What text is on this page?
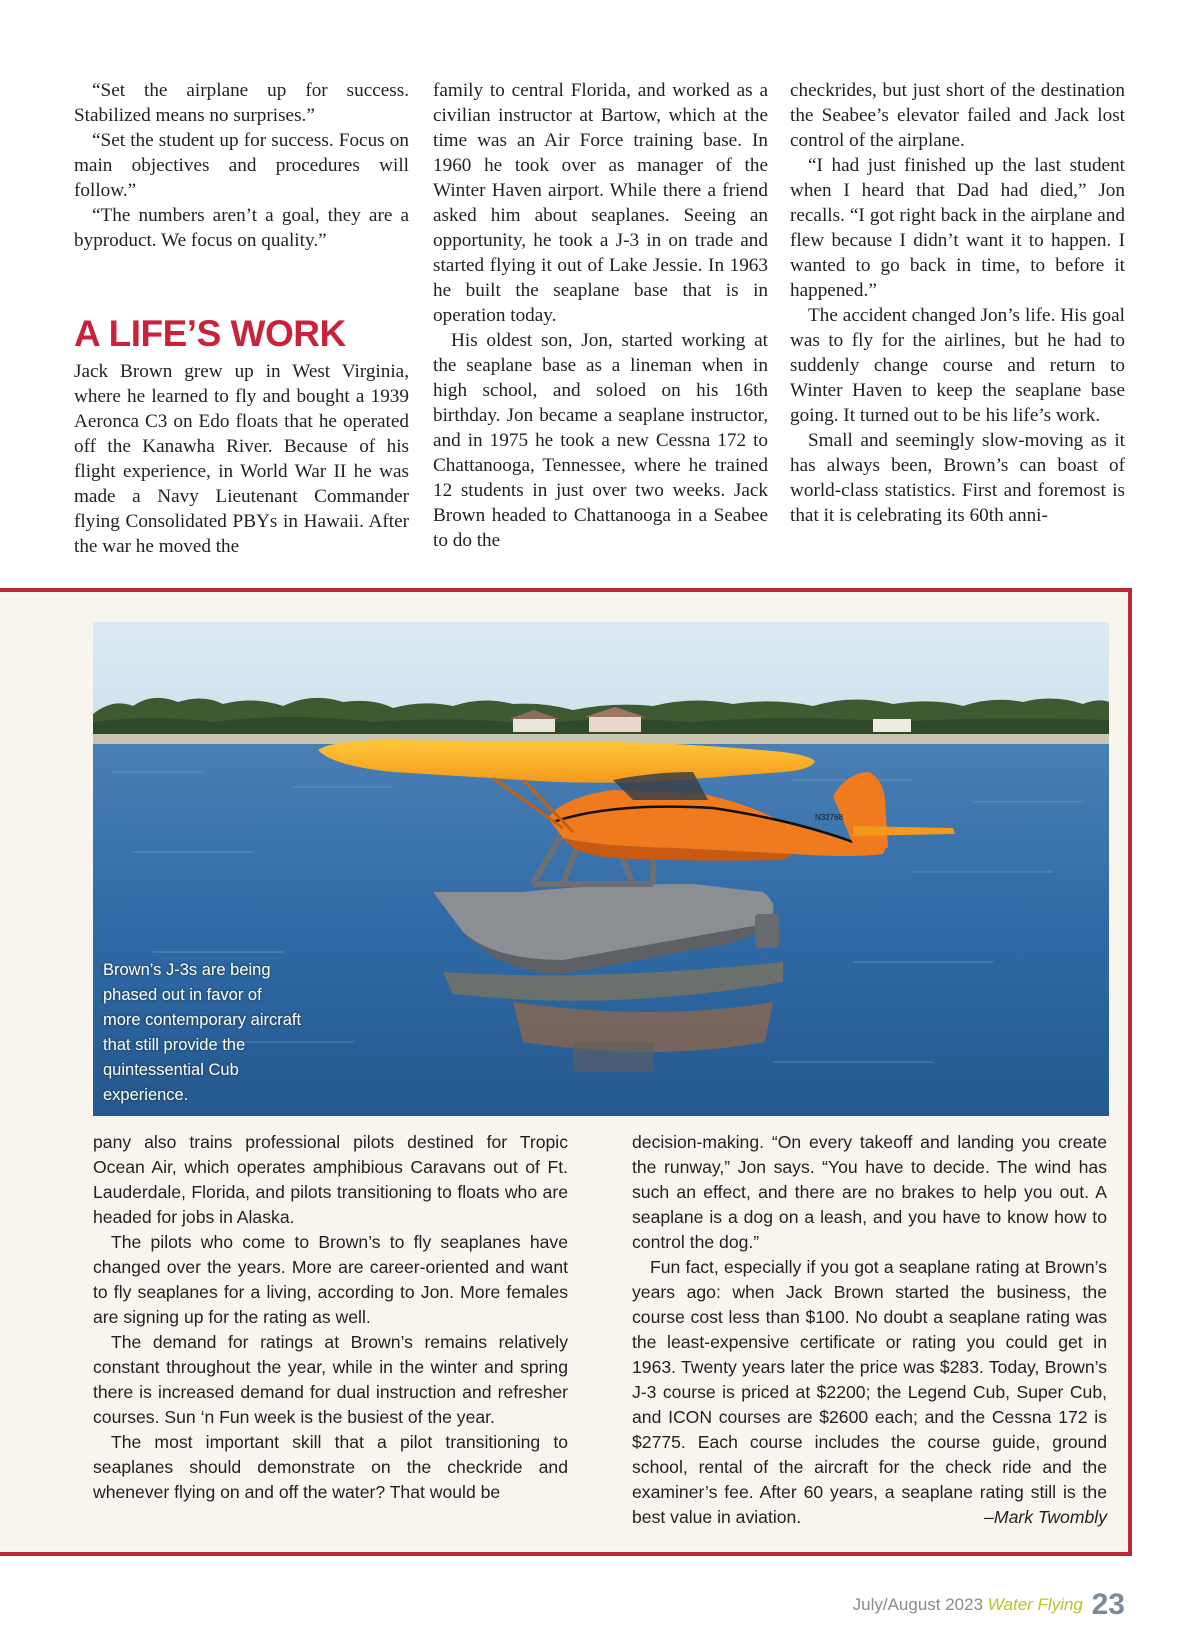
“Set the airplane up for success. Stabilized means no surprises.”

“Set the student up for success. Focus on main objectives and procedures will follow.”

“The numbers aren’t a goal, they are a byproduct. We focus on quality.”

A LIFE’S WORK

Jack Brown grew up in West Virginia, where he learned to fly and bought a 1939 Aeronca C3 on Edo floats that he operated off the Kanawha River. Because of his flight experience, in World War II he was made a Navy Lieutenant Commander flying Consolidated PBYs in Hawaii. After the war he moved the

family to central Florida, and worked as a civilian instructor at Bartow, which at the time was an Air Force training base. In 1960 he took over as manager of the Winter Haven airport. While there a friend asked him about seaplanes. Seeing an opportunity, he took a J-3 in on trade and started flying it out of Lake Jessie. In 1963 he built the seaplane base that is in operation today.

His oldest son, Jon, started working at the seaplane base as a lineman when in high school, and soloed on his 16th birthday. Jon became a seaplane instructor, and in 1975 he took a new Cessna 172 to Chattanooga, Tennessee, where he trained 12 students in just over two weeks. Jack Brown headed to Chattanooga in a Seabee to do the

checkrides, but just short of the destination the Seabee’s elevator failed and Jack lost control of the airplane.

“I had just finished up the last student when I heard that Dad had died,” Jon recalls. “I got right back in the airplane and flew because I didn’t want it to happen. I wanted to go back in time, to before it happened.”

The accident changed Jon’s life. His goal was to fly for the airlines, but he had to suddenly change course and return to Winter Haven to keep the seaplane base going. It turned out to be his life’s work.

Small and seemingly slow-moving as it has always been, Brown’s can boast of world-class statistics. First and foremost is that it is celebrating its 60th anni-

N32768
Brown’s J-3s are being phased out in favor of more contemporary aircraft that still provide the quintessential Cub experience.

pany also trains professional pilots destined for Tropic Ocean Air, which operates amphibious Caravans out of Ft. Lauderdale, Florida, and pilots transitioning to floats who are headed for jobs in Alaska.

The pilots who come to Brown’s to fly seaplanes have changed over the years. More are career-oriented and want to fly seaplanes for a living, according to Jon. More females are signing up for the rating as well.

The demand for ratings at Brown’s remains relatively constant throughout the year, while in the winter and spring there is increased demand for dual instruction and refresher courses. Sun ‘n Fun week is the busiest of the year.

The most important skill that a pilot transitioning to seaplanes should demonstrate on the checkride and whenever flying on and off the water? That would be

decision-making. “On every takeoff and landing you create the runway,” Jon says. “You have to decide. The wind has such an effect, and there are no brakes to help you out. A seaplane is a dog on a leash, and you have to know how to control the dog.”

Fun fact, especially if you got a seaplane rating at Brown’s years ago: when Jack Brown started the business, the course cost less than $100. No doubt a seaplane rating was the least-expensive certificate or rating you could get in 1963. Twenty years later the price was $283. Today, Brown’s J-3 course is priced at $2200; the Legend Cub, Super Cub, and ICON courses are $2600 each; and the Cessna 172 is $2775. Each course includes the course guide, ground school, rental of the aircraft for the check ride and the examiner’s fee. After 60 years, a seaplane rating still is the best value in aviation.	–Mark Twombly

July/August 2023 Water Flying 23
